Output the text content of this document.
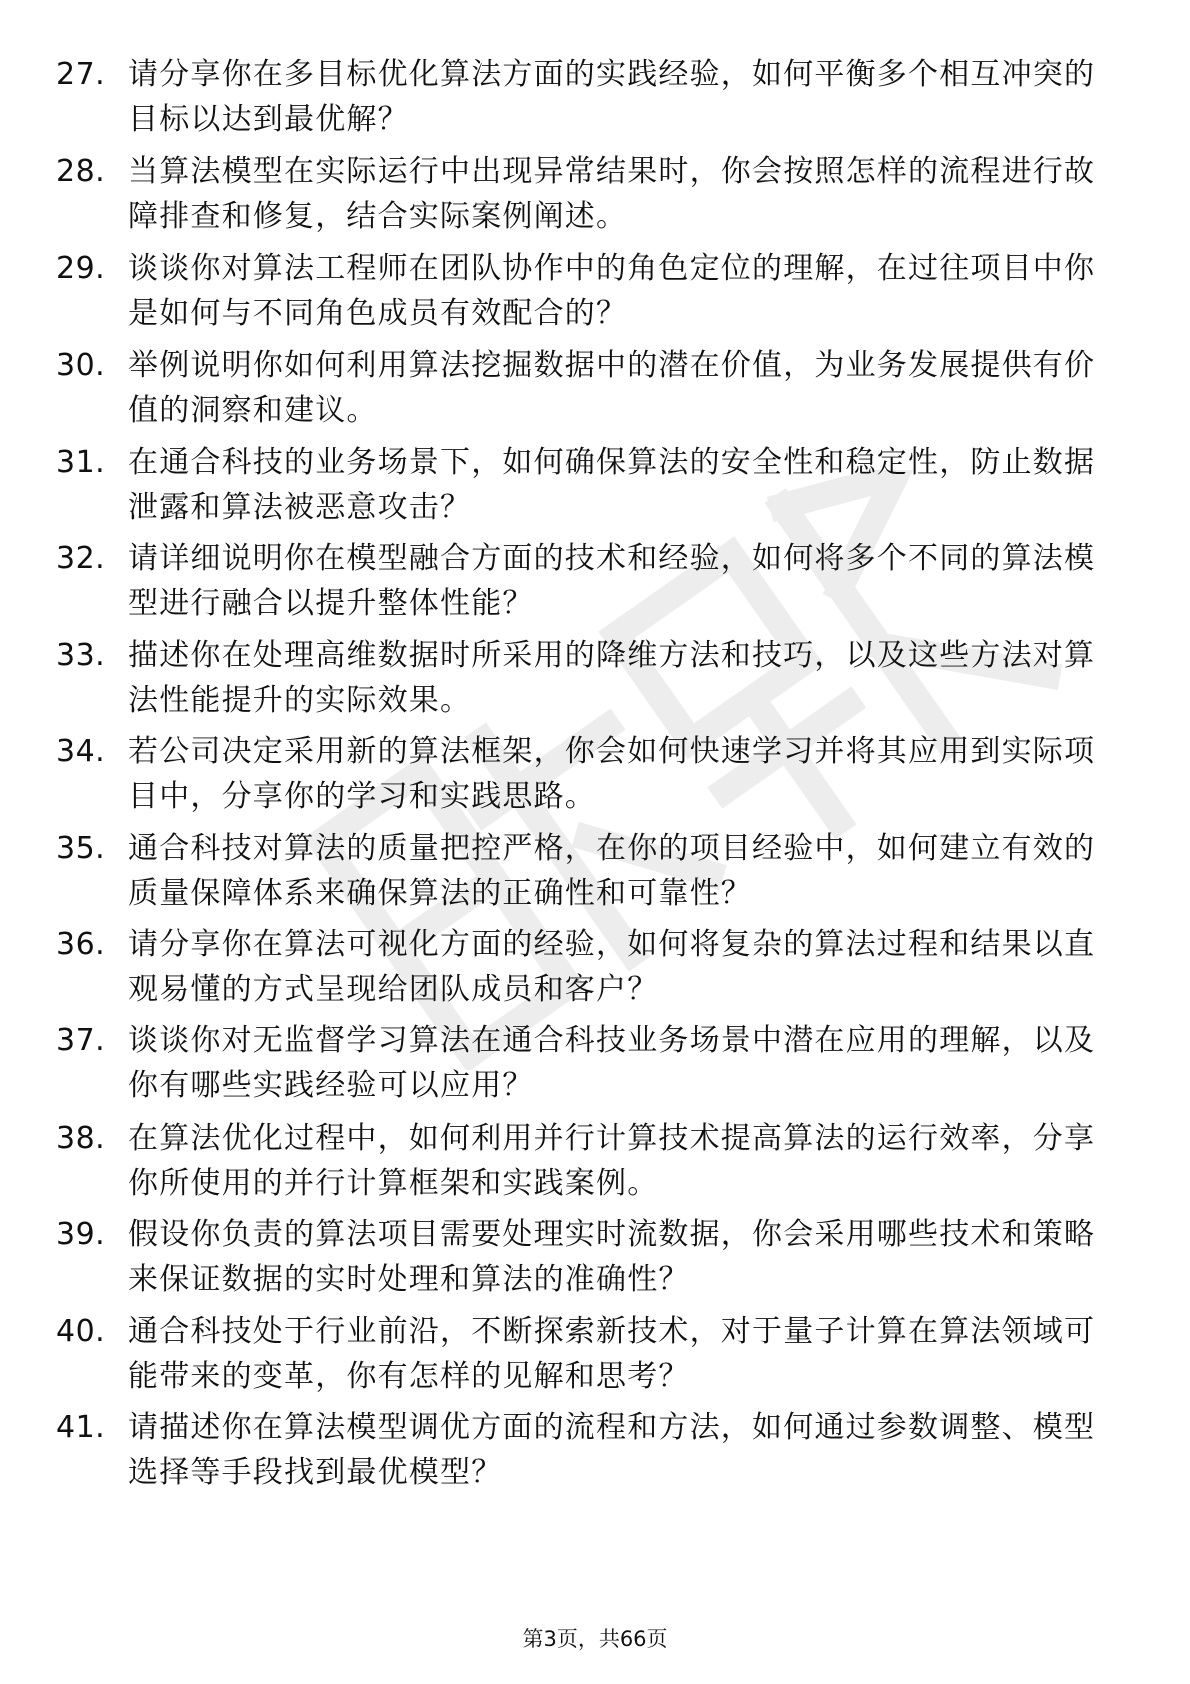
27. 请分享你在多目标优化算法方面的实践经验，如何平衡多个相互冲突的目标以达到最优解？
28. 当算法模型在实际运行中出现异常结果时，你会按照怎样的流程进行故障排查和修复，结合实际案例阐述。
29. 谈谈你对算法工程师在团队协作中的角色定位的理解，在过往项目中你是如何与不同角色成员有效配合的？
30. 举例说明你如何利用算法挖掘数据中的潜在价值，为业务发展提供有价值的洞察和建议。
31. 在通合科技的业务场景下，如何确保算法的安全性和稳定性，防止数据泄露和算法被恶意攻击？
32. 请详细说明你在模型融合方面的技术和经验，如何将多个不同的算法模型进行融合以提升整体性能？
33. 描述你在处理高维数据时所采用的降维方法和技巧，以及这些方法对算法性能提升的实际效果。
34. 若公司决定采用新的算法框架，你会如何快速学习并将其应用到实际项目中，分享你的学习和实践思路。
35. 通合科技对算法的质量把控严格，在你的项目经验中，如何建立有效的质量保障体系来确保算法的正确性和可靠性？
36. 请分享你在算法可视化方面的经验，如何将复杂的算法过程和结果以直观易懂的方式呈现给团队成员和客户？
37. 谈谈你对无监督学习算法在通合科技业务场景中潜在应用的理解，以及你有哪些实践经验可以应用？
38. 在算法优化过程中，如何利用并行计算技术提高算法的运行效率，分享你所使用的并行计算框架和实践案例。
39. 假设你负责的算法项目需要处理实时流数据，你会采用哪些技术和策略来保证数据的实时处理和算法的准确性？
40. 通合科技处于行业前沿，不断探索新技术，对于量子计算在算法领域可能带来的变革，你有怎样的见解和思考？
41. 请描述你在算法模型调优方面的流程和方法，如何通过参数调整、模型选择等手段找到最优模型？
第3页，共66页
